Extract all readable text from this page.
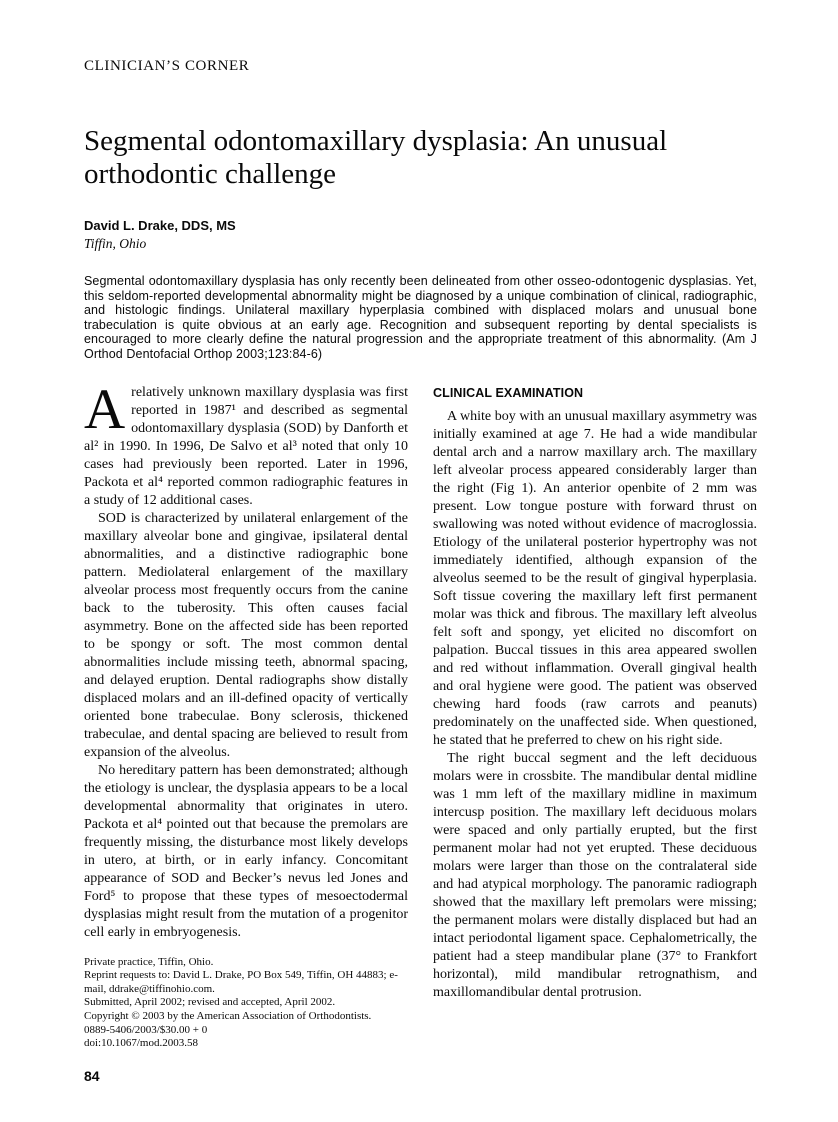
CLINICIAN’S CORNER
Segmental odontomaxillary dysplasia: An unusual orthodontic challenge
David L. Drake, DDS, MS
Tiffin, Ohio

Segmental odontomaxillary dysplasia has only recently been delineated from other osseo-odontogenic dysplasias. Yet, this seldom-reported developmental abnormality might be diagnosed by a unique combination of clinical, radiographic, and histologic findings. Unilateral maxillary hyperplasia combined with displaced molars and unusual bone trabeculation is quite obvious at an early age. Recognition and subsequent reporting by dental specialists is encouraged to more clearly define the natural progression and the appropriate treatment of this abnormality. (Am J Orthod Dentofacial Orthop 2003;123:84-6)

Arelatively unknown maxillary dysplasia was first reported in 1987¹ and described as segmental odontomaxillary dysplasia (SOD) by Danforth et al² in 1990. In 1996, De Salvo et al³ noted that only 10 cases had previously been reported. Later in 1996, Packota et al⁴ reported common radiographic features in a study of 12 additional cases.

SOD is characterized by unilateral enlargement of the maxillary alveolar bone and gingivae, ipsilateral dental abnormalities, and a distinctive radiographic bone pattern. Mediolateral enlargement of the maxillary alveolar process most frequently occurs from the canine back to the tuberosity. This often causes facial asymmetry. Bone on the affected side has been reported to be spongy or soft. The most common dental abnormalities include missing teeth, abnormal spacing, and delayed eruption. Dental radiographs show distally displaced molars and an ill-defined opacity of vertically oriented bone trabeculae. Bony sclerosis, thickened trabeculae, and dental spacing are believed to result from expansion of the alveolus.

No hereditary pattern has been demonstrated; although the etiology is unclear, the dysplasia appears to be a local developmental abnormality that originates in utero. Packota et al⁴ pointed out that because the premolars are frequently missing, the disturbance most likely develops in utero, at birth, or in early infancy. Concomitant appearance of SOD and Becker’s nevus led Jones and Ford⁵ to propose that these types of mesoectodermal dysplasias might result from the mutation of a progenitor cell early in embryogenesis.

Private practice, Tiffin, Ohio.

Reprint requests to: David L. Drake, PO Box 549, Tiffin, OH 44883; e-mail, ddrake@tiffinohio.com.

Submitted, April 2002; revised and accepted, April 2002.

Copyright © 2003 by the American Association of Orthodontists.

0889-5406/2003/$30.00 + 0

doi:10.1067/mod.2003.58

84
CLINICAL EXAMINATION

A white boy with an unusual maxillary asymmetry was initially examined at age 7. He had a wide mandibular dental arch and a narrow maxillary arch. The maxillary left alveolar process appeared considerably larger than the right (Fig 1). An anterior openbite of 2 mm was present. Low tongue posture with forward thrust on swallowing was noted without evidence of macroglossia. Etiology of the unilateral posterior hypertrophy was not immediately identified, although expansion of the alveolus seemed to be the result of gingival hyperplasia. Soft tissue covering the maxillary left first permanent molar was thick and fibrous. The maxillary left alveolus felt soft and spongy, yet elicited no discomfort on palpation. Buccal tissues in this area appeared swollen and red without inflammation. Overall gingival health and oral hygiene were good. The patient was observed chewing hard foods (raw carrots and peanuts) predominately on the unaffected side. When questioned, he stated that he preferred to chew on his right side.

The right buccal segment and the left deciduous molars were in crossbite. The mandibular dental midline was 1 mm left of the maxillary midline in maximum intercusp position. The maxillary left deciduous molars were spaced and only partially erupted, but the first permanent molar had not yet erupted. These deciduous molars were larger than those on the contralateral side and had atypical morphology. The panoramic radiograph showed that the maxillary left premolars were missing; the permanent molars were distally displaced but had an intact periodontal ligament space. Cephalometrically, the patient had a steep mandibular plane (37° to Frankfort horizontal), mild mandibular retrognathism, and maxillomandibular dental protrusion.
